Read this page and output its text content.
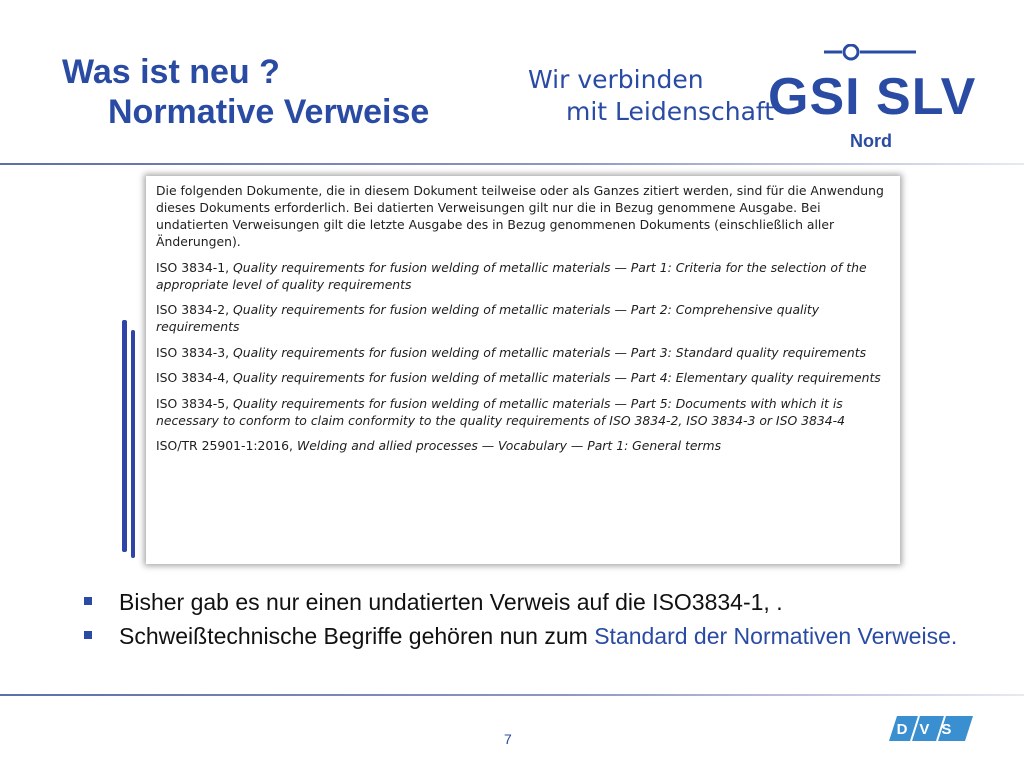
Was ist neu ?
Normative Verweise
Wir verbinden
mit Leidenschaft
GSI SLV
Nord

Die folgenden Dokumente, die in diesem Dokument teilweise oder als Ganzes zitiert werden, sind für die Anwendung dieses Dokuments erforderlich. Bei datierten Verweisungen gilt nur die in Bezug genommene Ausgabe. Bei undatierten Verweisungen gilt die letzte Ausgabe des in Bezug genommenen Dokuments (einschließlich aller Änderungen).

ISO 3834-1, Quality requirements for fusion welding of metallic materials — Part 1: Criteria for the selection of the appropriate level of quality requirements

ISO 3834-2, Quality requirements for fusion welding of metallic materials — Part 2: Comprehensive quality requirements

ISO 3834-3, Quality requirements for fusion welding of metallic materials — Part 3: Standard quality requirements

ISO 3834-4, Quality requirements for fusion welding of metallic materials — Part 4: Elementary quality requirements

ISO 3834-5, Quality requirements for fusion welding of metallic materials — Part 5: Documents with which it is necessary to conform to claim conformity to the quality requirements of ISO 3834-2, ISO 3834-3 or ISO 3834-4

ISO/TR 25901-1:2016, Welding and allied processes — Vocabulary — Part 1: General terms

Bisher gab es nur einen undatierten Verweis auf die ISO3834-1, .
Schweißtechnische Begriffe gehören nun zum Standard der Normativen Verweise.
7
DVS
